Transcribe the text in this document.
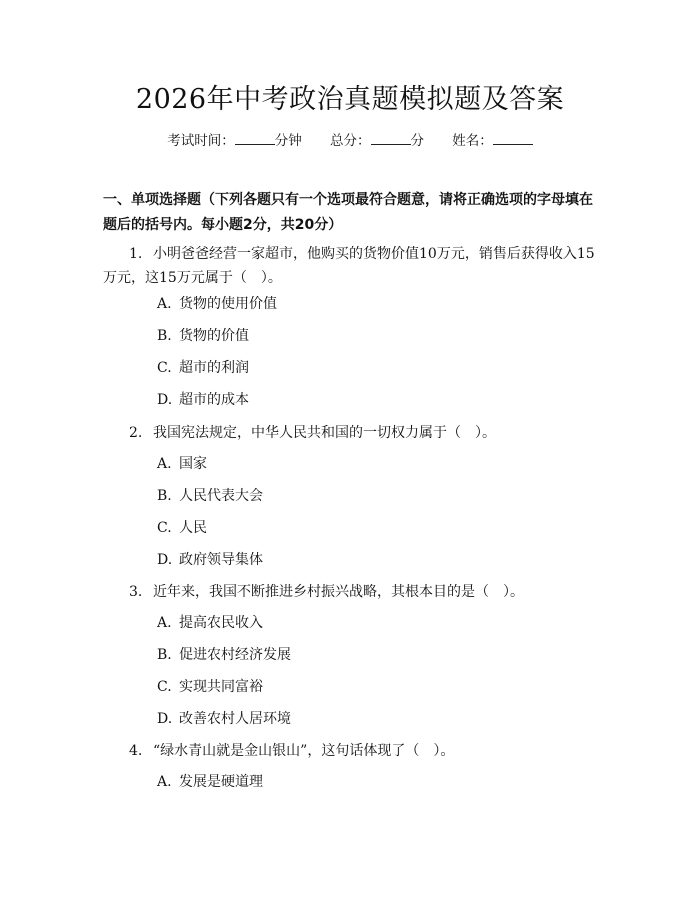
2026年中考政治真题模拟题及答案
考试时间：	分钟 总分：	分 姓名：
一、单项选择题（下列各题只有一个选项最符合题意，请将正确选项的字母填在题后的括号内。每小题2分，共20分）
1. 小明爸爸经营一家超市，他购买的货物价值10万元，销售后获得收入15万元，这15万元属于（　）。
A. 货物的使用价值
B. 货物的价值
C. 超市的利润
D. 超市的成本
2. 我国宪法规定，中华人民共和国的一切权力属于（　）。
A. 国家
B. 人民代表大会
C. 人民
D. 政府领导集体
3. 近年来，我国不断推进乡村振兴战略，其根本目的是（　）。
A. 提高农民收入
B. 促进农村经济发展
C. 实现共同富裕
D. 改善农村人居环境
4. “绿水青山就是金山银山”，这句话体现了（　）。
A. 发展是硬道理
